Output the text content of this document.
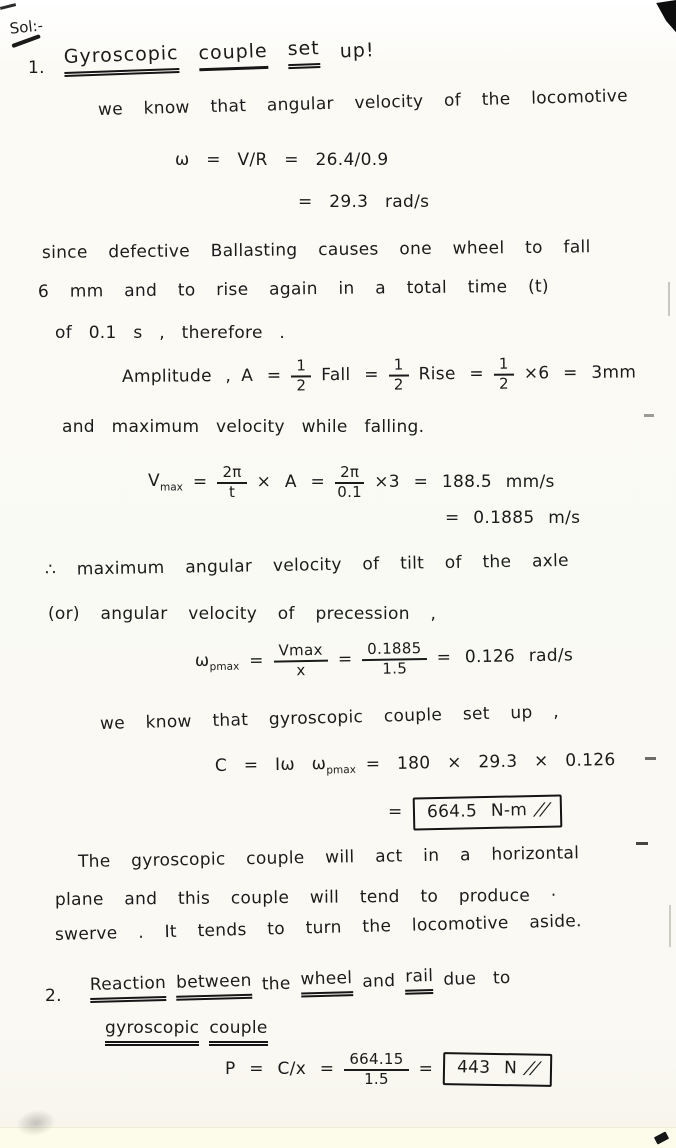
Sol:-
1.
Gyroscopic couple set up!
we know that angular velocity of the locomotive
ω = V/R = 26.4/0.9
= 29.3 rad/s
since defective Ballasting causes one wheel to fall
6 mm and to rise again in a total time (t)
of 0.1 s , therefore .
Amplitude , $A = \frac{1}{2}$ Fall = $\frac{1}{2}$ Rise = $\frac{1}{2} \times 6 = 3mm$
and maximum velocity while falling.
$V_{max} = \frac{2\pi}{t} \times A = \frac{2\pi}{0.1} \times 3 = 188.5$ mm/s
= 0.1885 m/s
∴ maximum angular velocity of tilt of the axle
(or) angular velocity of precession ,
$\omega_{pmax} = \frac{Vmax}{x} = \frac{0.1885}{1.5} = 0.126$ rad/s
we know that gyroscopic couple set up ,
C = Iω $\omega_{pmax} = 180 \times 29.3 \times 0.126$
= 664.5 N-m //
The gyroscopic couple will act in a horizontal
plane and this couple will tend to produce ·
swerve . It tends to turn the locomotive aside.
2.
Reaction between the wheel and rail due to
gyroscopic couple
$P = C/x = \frac{664.15}{1.5} = 443$ N //
